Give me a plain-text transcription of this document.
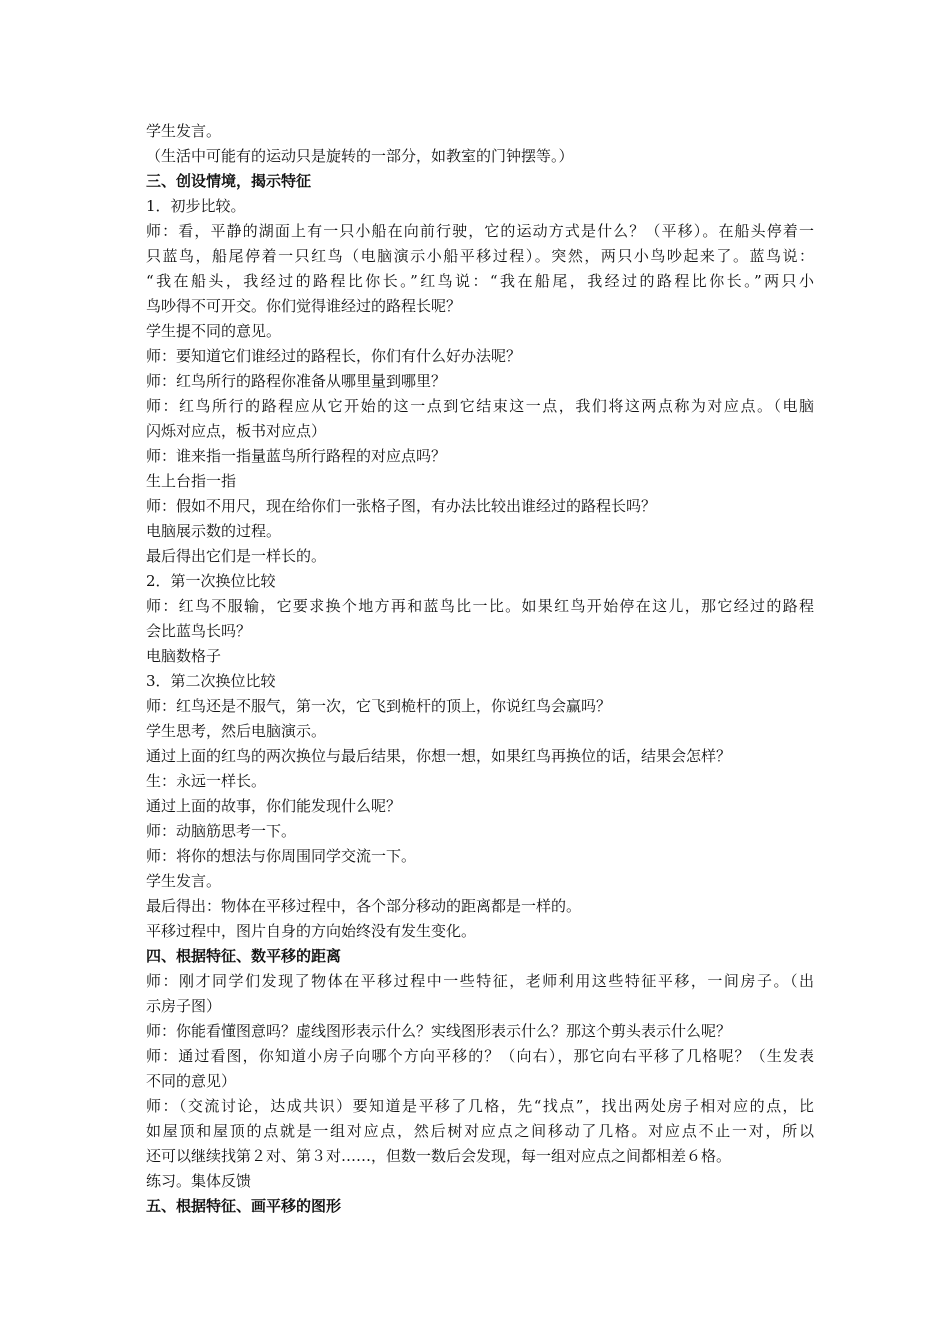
学生发言。
（生活中可能有的运动只是旋转的一部分，如教室的门钟摆等。）
三、创设情境，揭示特征
1．初步比较。
师：看，平静的湖面上有一只小船在向前行驶，它的运动方式是什么？（平移）。在船头停着一
只蓝鸟，船尾停着一只红鸟（电脑演示小船平移过程）。突然，两只小鸟吵起来了。蓝鸟说：
“我在船头，我经过的路程比你长。”红鸟说：“我在船尾，我经过的路程比你长。”两只小
鸟吵得不可开交。你们觉得谁经过的路程长呢？
学生提不同的意见。
师：要知道它们谁经过的路程长，你们有什么好办法呢？
师：红鸟所行的路程你准备从哪里量到哪里？
师：红鸟所行的路程应从它开始的这一点到它结束这一点，我们将这两点称为对应点。（电脑
闪烁对应点，板书对应点）
师：谁来指一指量蓝鸟所行路程的对应点吗？
生上台指一指
师：假如不用尺，现在给你们一张格子图，有办法比较出谁经过的路程长吗？
电脑展示数的过程。
最后得出它们是一样长的。
2．第一次换位比较
师：红鸟不服输，它要求换个地方再和蓝鸟比一比。如果红鸟开始停在这儿，那它经过的路程
会比蓝鸟长吗？
电脑数格子
3．第二次换位比较
师：红鸟还是不服气，第一次，它飞到桅杆的顶上，你说红鸟会赢吗？
学生思考，然后电脑演示。
通过上面的红鸟的两次换位与最后结果，你想一想，如果红鸟再换位的话，结果会怎样？
生：永远一样长。
通过上面的故事，你们能发现什么呢？
师：动脑筋思考一下。
师：将你的想法与你周围同学交流一下。
学生发言。
最后得出：物体在平移过程中，各个部分移动的距离都是一样的。
平移过程中，图片自身的方向始终没有发生变化。
四、根据特征、数平移的距离
师：刚才同学们发现了物体在平移过程中一些特征，老师利用这些特征平移，一间房子。（出
示房子图）
师：你能看懂图意吗？虚线图形表示什么？实线图形表示什么？那这个剪头表示什么呢？
师：通过看图，你知道小房子向哪个方向平移的？（向右），那它向右平移了几格呢？（生发表
不同的意见）
师：（交流讨论，达成共识）要知道是平移了几格，先“找点”，找出两处房子相对应的点，比
如屋顶和屋顶的点就是一组对应点，然后树对应点之间移动了几格。对应点不止一对，所以
还可以继续找第２对、第３对……，但数一数后会发现，每一组对应点之间都相差６格。
练习。集体反馈
五、根据特征、画平移的图形
